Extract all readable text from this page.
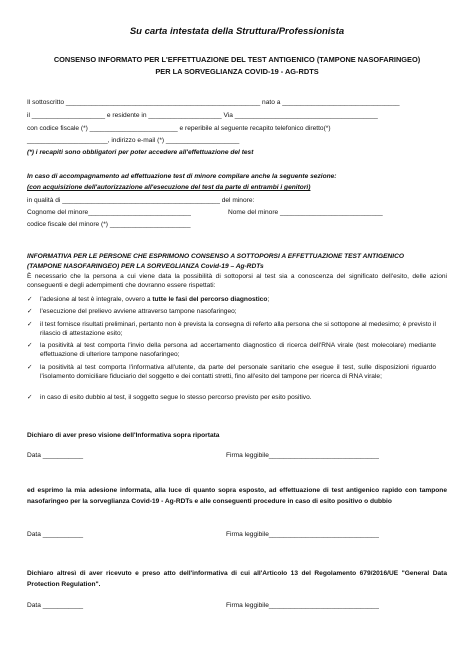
Su carta intestata della Struttura/Professionista
CONSENSO INFORMATO PER L'EFFETTUAZIONE DEL TEST ANTIGENICO (TAMPONE NASOFARINGEO)
PER LA SORVEGLIANZA COVID-19 - AG-RDTS
Il sottoscritto _____________________________________________________ nato a ________________________________
il ____________________ e residente in ____________________ Via _______________________________________
con codice fiscale (*) ________________________ e reperibile al seguente recapito telefonico diretto(*)
______________________, indirizzo e-mail (*) ____________________
(*) i recapiti sono obbligatori per poter accedere all'effettuazione del test
In caso di accompagnamento ad effettuazione test di minore compilare anche la seguente sezione:
(con acquisizione dell'autorizzazione all'esecuzione del test da parte di entrambi i genitori)
in qualità di ___________________________________________ del minore:
Cognome del minore____________________________	Nome del minore ____________________________
codice fiscale del minore (*) ______________________
INFORMATIVA PER LE PERSONE CHE ESPRIMONO CONSENSO A SOTTOPORSI A EFFETTUAZIONE TEST ANTIGENICO
(TAMPONE NASOFARINGEO) PER LA SORVEGLIANZA Covid-19 – Ag-RDTs
È necessario che la persona a cui viene data la possibilità di sottoporsi al test sia a conoscenza del significato dell'esito, delle azioni conseguenti e degli adempimenti che dovranno essere rispettati:
✓	l'adesione al test è integrale, ovvero a tutte le fasi del percorso diagnostico;
✓	l'esecuzione del prelievo avviene attraverso tampone nasofaringeo;
✓	il test fornisce risultati preliminari, pertanto non è prevista la consegna di referto alla persona che si sottopone al medesimo; è previsto il rilascio di attestazione esito;
✓	la positività al test comporta l'invio della persona ad accertamento diagnostico di ricerca dell'RNA virale (test molecolare) mediante effettuazione di ulteriore tampone nasofaringeo;
✓	la positività al test comporta l'informativa all'utente, da parte del personale sanitario che esegue il test, sulle disposizioni riguardo l'isolamento domiciliare fiduciario del soggetto e dei contatti stretti, fino all'esito del tampone per ricerca di RNA virale;
✓	in caso di esito dubbio al test, il soggetto segue lo stesso percorso previsto per esito positivo.
Dichiaro di aver preso visione dell'Informativa sopra riportata
Data ___________	Firma leggibile______________________________
ed esprimo la mia adesione informata, alla luce di quanto sopra esposto, ad effettuazione di test antigenico rapido con tampone nasofaringeo per la sorveglianza Covid-19 - Ag-RDTs e alle conseguenti procedure in caso di esito positivo o dubbio
Data ___________	Firma leggibile______________________________
Dichiaro altresì di aver ricevuto e preso atto dell'informativa di cui all'Articolo 13 del Regolamento 679/2016/UE "General Data Protection Regulation".
Data ___________	Firma leggibile______________________________
